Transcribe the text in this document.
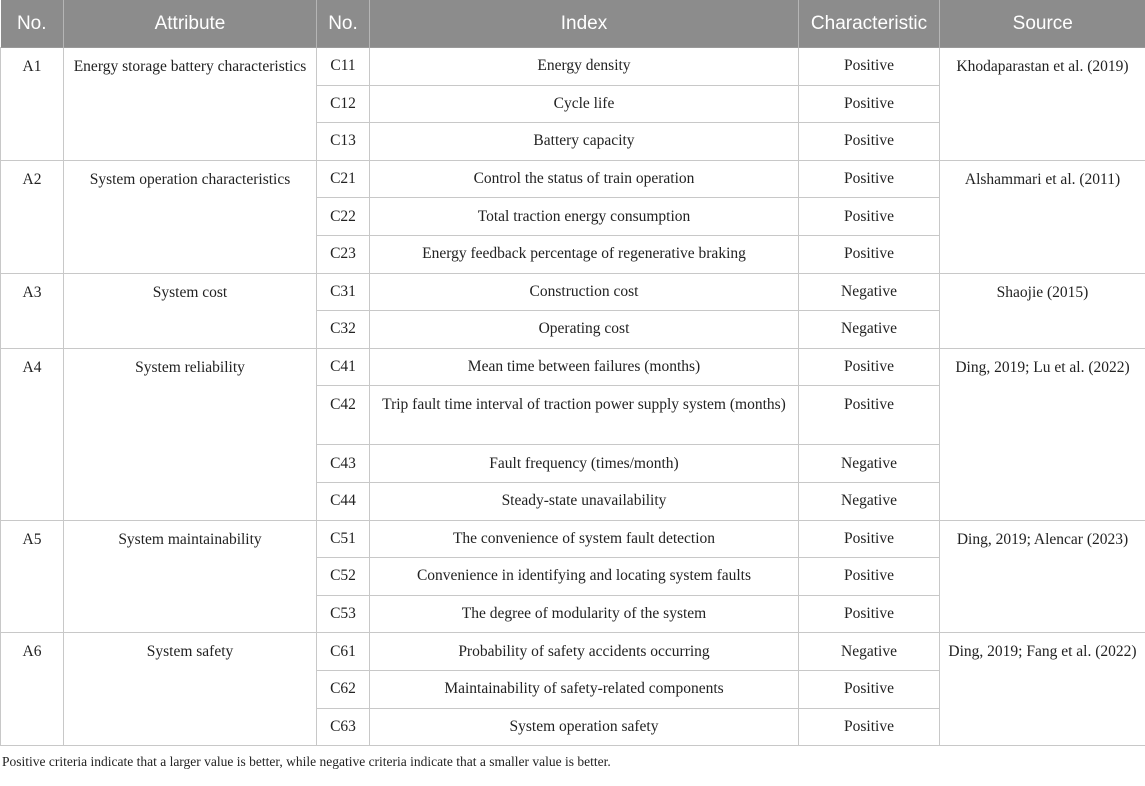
No.	Attribute	No.	Index	Characteristic	Source
A1	Energy storage battery characteristics	C11	Energy density	Positive	Khodaparastan et al. (2019)
		C12	Cycle life	Positive	
		C13	Battery capacity	Positive	
A2	System operation characteristics	C21	Control the status of train operation	Positive	Alshammari et al. (2011)
		C22	Total traction energy consumption	Positive	
		C23	Energy feedback percentage of regenerative braking	Positive	
A3	System cost	C31	Construction cost	Negative	Shaojie (2015)
		C32	Operating cost	Negative	
A4	System reliability	C41	Mean time between failures (months)	Positive	Ding, 2019; Lu et al. (2022)
		C42	Trip fault time interval of traction power supply system (months)	Positive	
		C43	Fault frequency (times/month)	Negative	
		C44	Steady-state unavailability	Negative	
A5	System maintainability	C51	The convenience of system fault detection	Positive	Ding, 2019; Alencar (2023)
		C52	Convenience in identifying and locating system faults	Positive	
		C53	The degree of modularity of the system	Positive	
A6	System safety	C61	Probability of safety accidents occurring	Negative	Ding, 2019; Fang et al. (2022)
		C62	Maintainability of safety-related components	Positive	
		C63	System operation safety	Positive	
Positive criteria indicate that a larger value is better, while negative criteria indicate that a smaller value is better.
